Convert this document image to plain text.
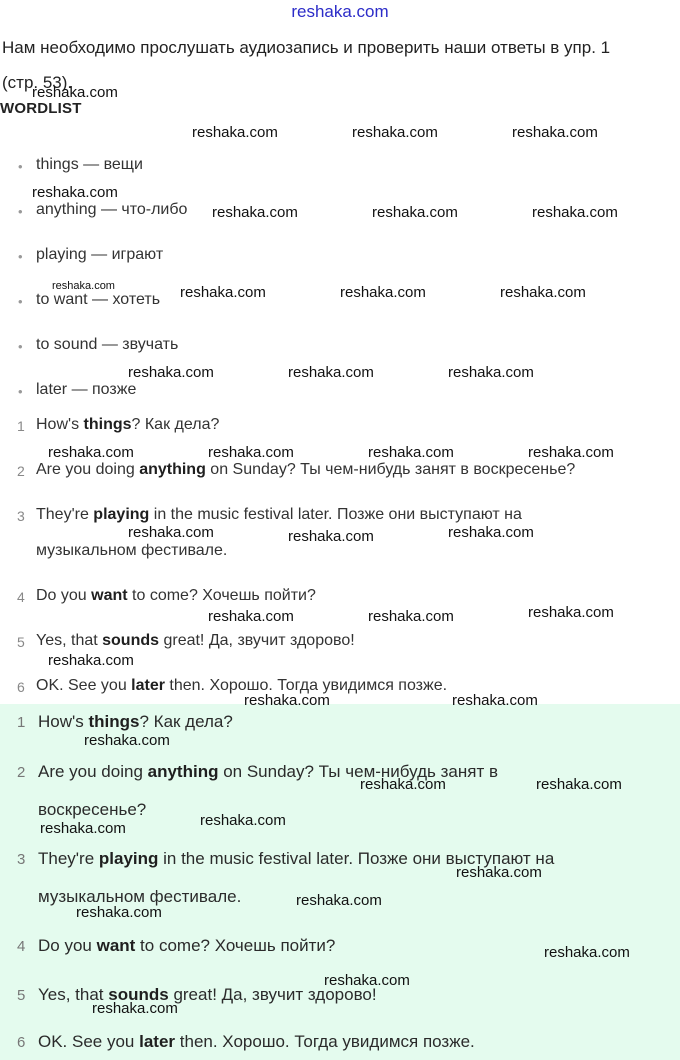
reshaka.com
Нам необходимо прослушать аудиозапись и проверить наши ответы в упр. 1
(стр. 53).
WORDLIST
• things — вещи
• anything — что-либо
• playing — играют
• to want — хотеть
• to sound — звучать
• later — позже
1 How's things? Как дела?
2 Are you doing anything on Sunday? Ты чем-нибудь занят в воскресенье?
3 They're playing in the music festival later. Позже они выступают на
музыкальном фестивале.
4 Do you want to come? Хочешь пойти?
5 Yes, that sounds great! Да, звучит здорово!
6 OK. See you later then. Хорошо. Тогда увидимся позже.
1 How's things? Как дела?
2 Are you doing anything on Sunday? Ты чем-нибудь занят в
воскресенье?
3 They're playing in the music festival later. Позже они выступают на
музыкальном фестивале.
4 Do you want to come? Хочешь пойти?
5 Yes, that sounds great! Да, звучит здорово!
6 OK. See you later then. Хорошо. Тогда увидимся позже.
reshaka.com
reshaka.com	reshaka.com	reshaka.com
reshaka.com
reshaka.com	reshaka.com	reshaka.com
reshaka.com	reshaka.com	reshaka.com	reshaka.com
reshaka.com	reshaka.com	reshaka.com
reshaka.com	reshaka.com	reshaka.com	reshaka.com
reshaka.com	reshaka.com	reshaka.com
reshaka.com	reshaka.com	reshaka.com
reshaka.com
reshaka.com	reshaka.com
reshaka.com
reshaka.com	reshaka.com
reshaka.com
reshaka.com
reshaka.com
reshaka.com
reshaka.com
reshaka.com
reshaka.com
reshaka.com
